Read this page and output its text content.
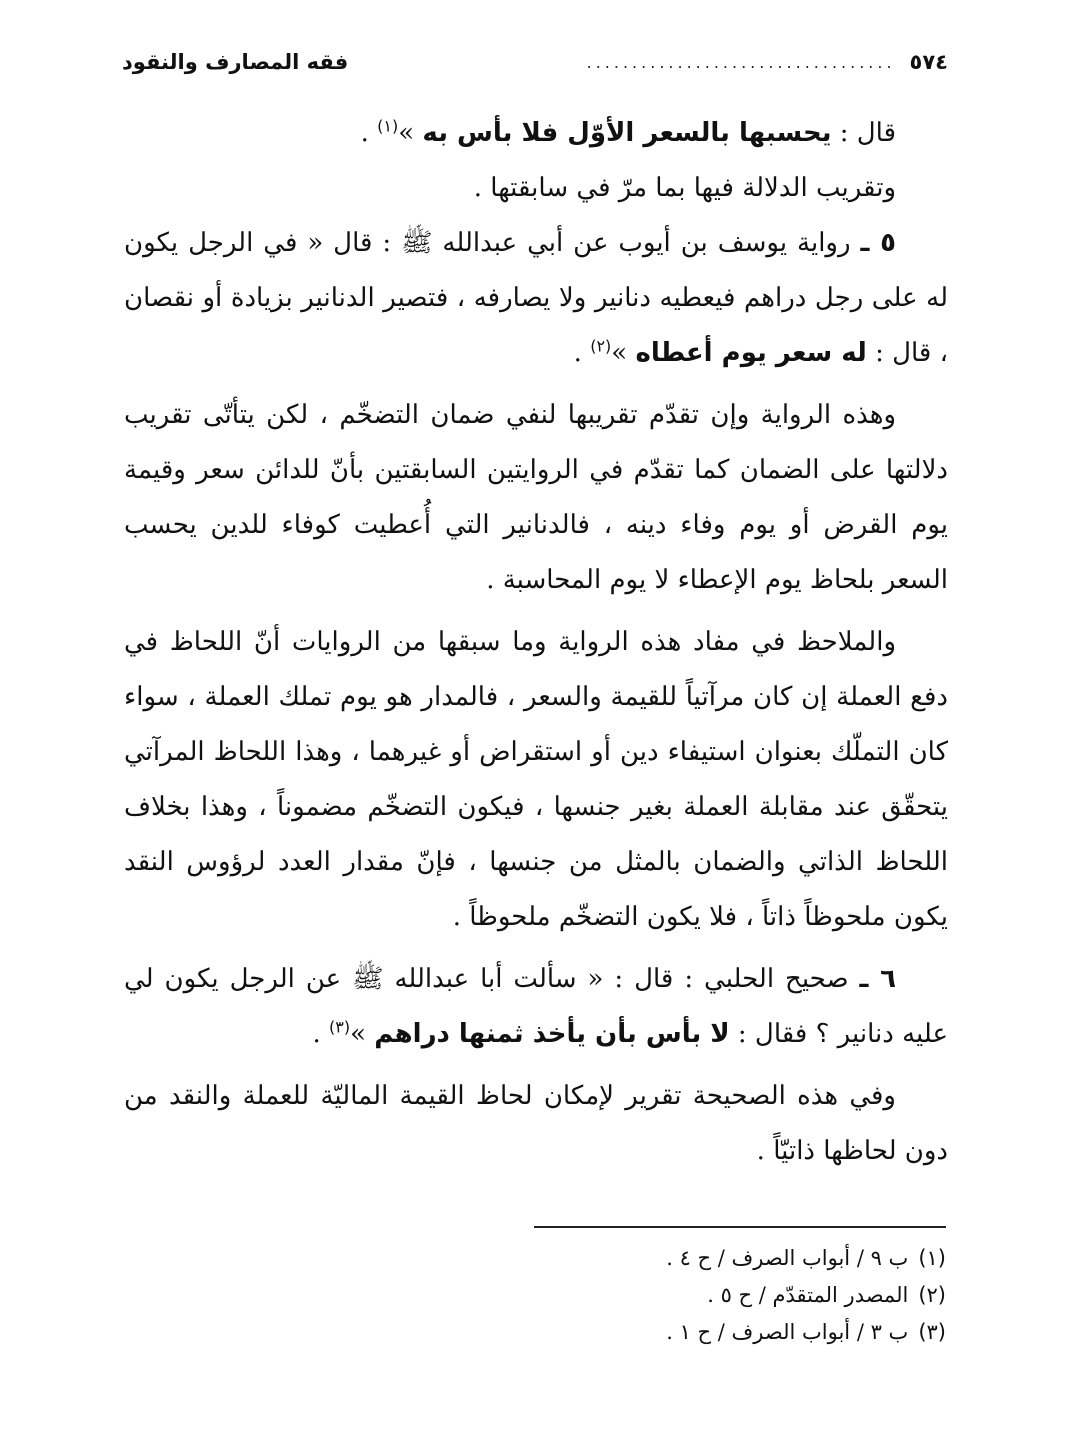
٥٧٤
..................................
فقه المصارف والنقود

قال : يحسبها بالسعر الأوّل فلا بأس به »$^{(١)}$ .

وتقريب الدلالة فيها بما مرّ في سابقتها .

٥ ـ رواية يوسف بن أيوب عن أبي عبدالله ﷺ : قال « في الرجل يكون له على رجل دراهم فيعطيه دنانير ولا يصارفه ، فتصير الدنانير بزيادة أو نقصان ، قال : له سعر يوم أعطاه »$^{(٢)}$ .

وهذه الرواية وإن تقدّم تقريبها لنفي ضمان التضخّم ، لكن يتأتّى تقريب دلالتها على الضمان كما تقدّم في الروايتين السابقتين بأنّ للدائن سعر وقيمة يوم القرض أو يوم وفاء دينه ، فالدنانير التي أُعطيت كوفاء للدين يحسب السعر بلحاظ يوم الإعطاء لا يوم المحاسبة .

والملاحظ في مفاد هذه الرواية وما سبقها من الروايات أنّ اللحاظ في دفع العملة إن كان مرآتياً للقيمة والسعر ، فالمدار هو يوم تملك العملة ، سواء كان التملّك بعنوان استيفاء دين أو استقراض أو غيرهما ، وهذا اللحاظ المرآتي يتحقّق عند مقابلة العملة بغير جنسها ، فيكون التضخّم مضموناً ، وهذا بخلاف اللحاظ الذاتي والضمان بالمثل من جنسها ، فإنّ مقدار العدد لرؤوس النقد يكون ملحوظاً ذاتاً ، فلا يكون التضخّم ملحوظاً .

٦ ـ صحيح الحلبي : قال : « سألت أبا عبدالله ﷺ عن الرجل يكون لي عليه دنانير ؟ فقال : لا بأس بأن يأخذ ثمنها دراهم »$^{(٣)}$ .

وفي هذه الصحيحة تقرير لإمكان لحاظ القيمة الماليّة للعملة والنقد من دون لحاظها ذاتيّاً .

(١)ب ٩ / أبواب الصرف / ح ٤ .
(٢)المصدر المتقدّم / ح ٥ .
(٣)ب ٣ / أبواب الصرف / ح ١ .
